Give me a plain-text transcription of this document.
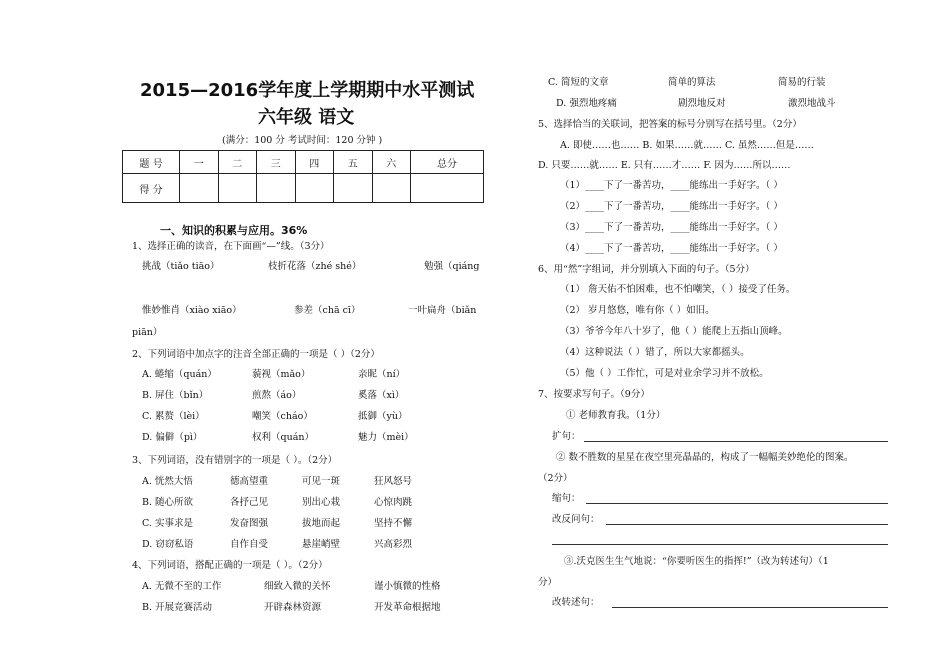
2015—2016学年度上学期期中水平测试
六年级 语文
(满分：100 分 考试时间：120 分钟 )
题 号	一	二	三	四	五	六	总分
得 分							
一、知识的积累与应用。36%
1、选择正确的读音，在下面画“—”线。（3分）
挑战（tiǎo tiāo）	枝折花落（zhé shé）	勉强（qiáng
惟妙惟肖（xiào xiāo）	参差（chā cī）	一叶扁舟（biǎn
piān）
2、下列词语中加点字的注音全部正确的一项是（ ）（2分）
A. 蜷缩（quán）	藐视（mǎo）	亲昵（ní）
B. 屏住（bǐn）	煎熬（áo）	奚落（xì）
C. 累赘（lèi）	嘲笑（cháo）	抵御（yù）
D. 偏僻（pì）	权利（quán）	魅力（mèi）
3、下列词语，没有错别字的一项是（ ）。（2分）
A. 恍然大悟	德高望重	可见一斑	狂风怒号
B. 随心所欲	各抒己见	别出心栽	心惊肉跳
C. 实事求是	发奋图强	拔地而起	坚持不懈
D. 窃窃私语	自作自受	悬崖峭壁	兴高彩烈
4、下列词语，搭配正确的一项是（ ）。（2分）
A. 无微不至的工作	细致入微的关怀	谨小慎微的性格
B. 开展竞赛活动	开辟森林资源	开发革命根据地
C. 简短的文章	简单的算法	简易的行装
D. 强烈地疼痛	剧烈地反对	激烈地战斗
5、选择恰当的关联词，把答案的标号分别写在括号里。（2分）
A. 即使……也…… B. 如果……就…… C. 虽然……但是……
D. 只要……就…… E. 只有……才…… F. 因为……所以……
（1）____下了一番苦功，____能练出一手好字。（ ）
（2）____下了一番苦功，____能练出一手好字。（ ）
（3）____下了一番苦功，____能练出一手好字。（ ）
（4）____下了一番苦功，____能练出一手好字。（ ）
6、用“然”字组词，并分别填入下面的句子。（5分）
（1） 詹天佑不怕困难，也不怕嘲笑，（ ）接受了任务。
（2） 岁月悠悠，唯有你（ ）如旧。
（3）爷爷今年八十岁了，他（ ）能爬上五指山顶峰。
（4）这种说法（ ）错了，所以大家都摇头。
（5）他（ ）工作忙，可是对业余学习并不放松。
7、按要求写句子。（9分）
① 老师教育我。（1分）
扩句：
② 数不胜数的星星在夜空里亮晶晶的，构成了一幅幅美妙绝伦的图案。
（2分）
缩句：
改反问句：
③.沃克医生生气地说：“你要听医生的指挥!”（改为转述句）（1
分）
改转述句：
